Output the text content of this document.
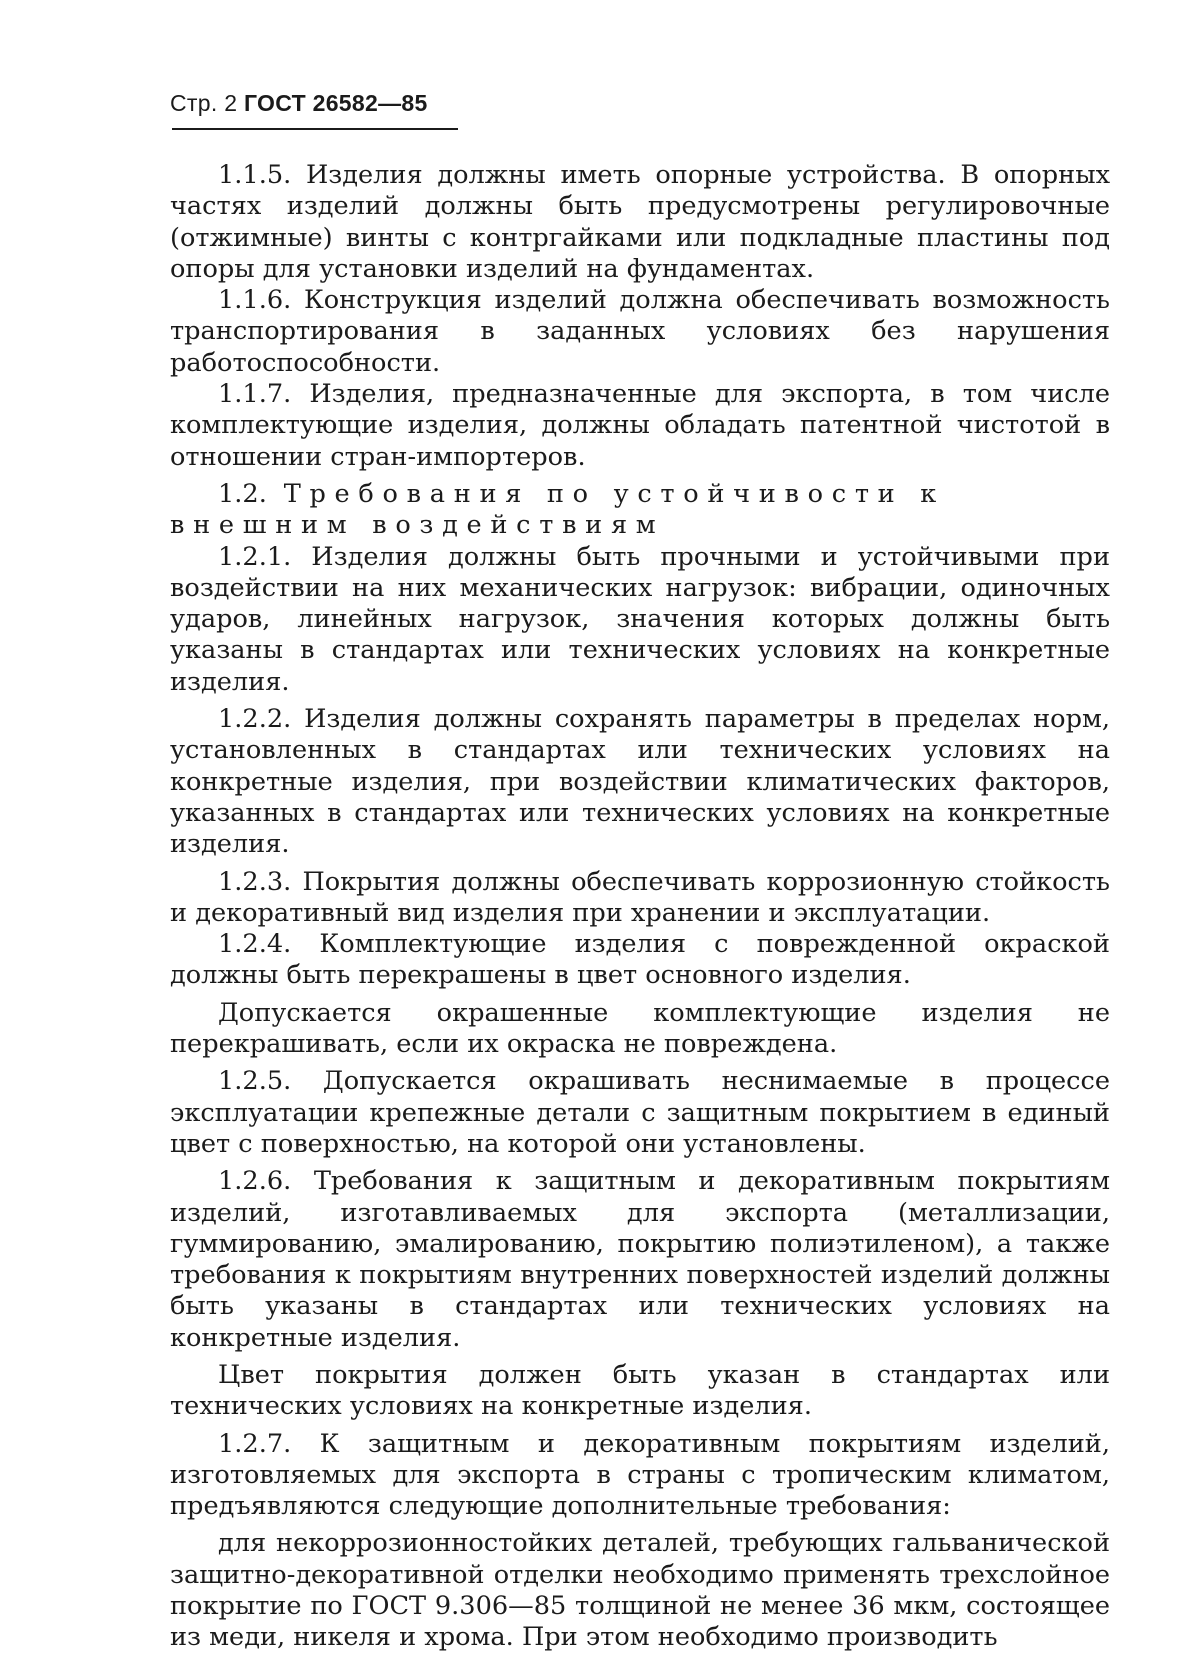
Стр. 2 ГОСТ 26582—85

1.1.5. Изделия должны иметь опорные устройства. В опорных частях изделий должны быть предусмотрены регулировочные (отжимные) винты с контргайками или подкладные пластины под опоры для установки изделий на фундаментах.

1.1.6. Конструкция изделий должна обеспечивать возможность транспортирования в заданных условиях без нарушения работоспособности.

1.1.7. Изделия, предназначенные для экспорта, в том числе комплектующие изделия, должны обладать патентной чистотой в отношении стран-импортеров.

1.2. Требования по устойчивости к внешним воздействиям

1.2.1. Изделия должны быть прочными и устойчивыми при воздействии на них механических нагрузок: вибрации, одиночных ударов, линейных нагрузок, значения которых должны быть указаны в стандартах или технических условиях на конкретные изделия.

1.2.2. Изделия должны сохранять параметры в пределах норм, установленных в стандартах или технических условиях на конкретные изделия, при воздействии климатических факторов, указанных в стандартах или технических условиях на конкретные изделия.

1.2.3. Покрытия должны обеспечивать коррозионную стойкость и декоративный вид изделия при хранении и эксплуатации.

1.2.4. Комплектующие изделия с поврежденной окраской должны быть перекрашены в цвет основного изделия.

Допускается окрашенные комплектующие изделия не перекрашивать, если их окраска не повреждена.

1.2.5. Допускается окрашивать неснимаемые в процессе эксплуатации крепежные детали с защитным покрытием в единый цвет с поверхностью, на которой они установлены.

1.2.6. Требования к защитным и декоративным покрытиям изделий, изготавливаемых для экспорта (металлизации, гуммированию, эмалированию, покрытию полиэтиленом), а также требования к покрытиям внутренних поверхностей изделий должны быть указаны в стандартах или технических условиях на конкретные изделия.

Цвет покрытия должен быть указан в стандартах или технических условиях на конкретные изделия.

1.2.7. К защитным и декоративным покрытиям изделий, изготовляемых для экспорта в страны с тропическим климатом, предъявляются следующие дополнительные требования:

для некоррозионностойких деталей, требующих гальванической защитно-декоративной отделки необходимо применять трехслойное покрытие по ГОСТ 9.306—85 толщиной не менее 36 мкм, состоящее из меди, никеля и хрома. При этом необходимо производить
